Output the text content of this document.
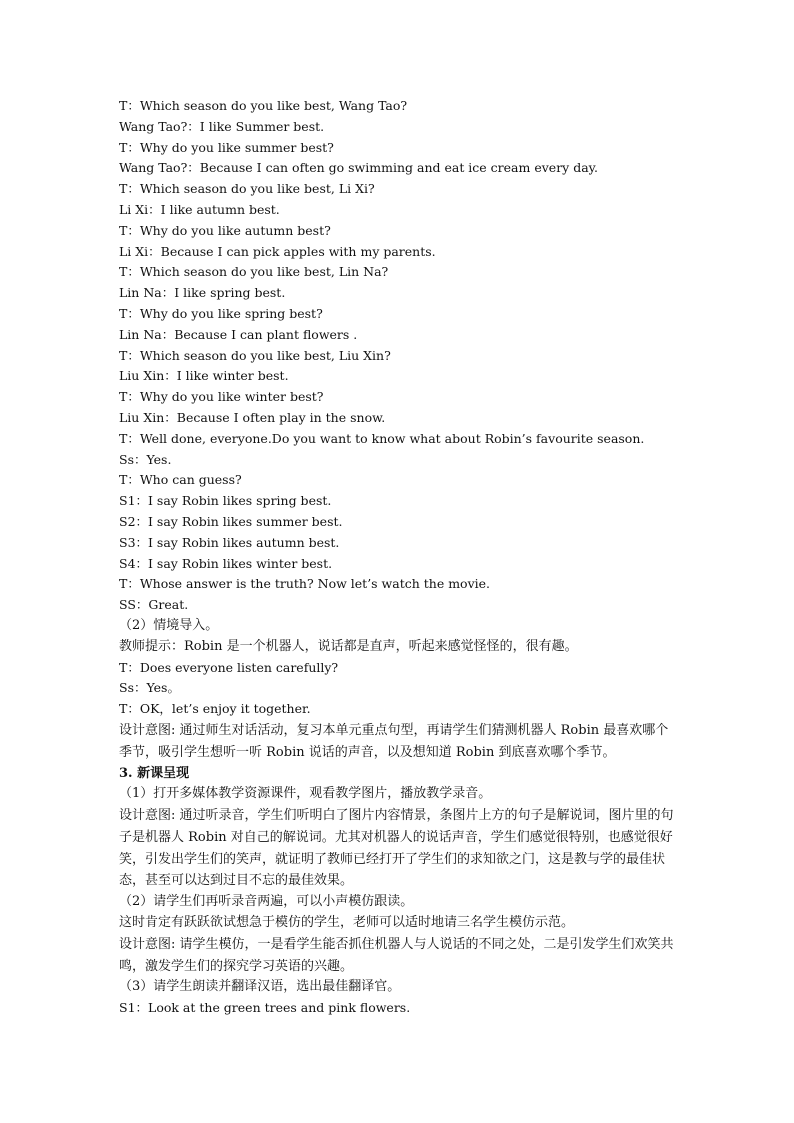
T：Which season do you like best, Wang Tao?
Wang Tao?：I like Summer best.
T：Why do you like summer best?
Wang Tao?：Because I can often go swimming and eat ice cream every day.
T：Which season do you like best, Li Xi?
Li Xi：I like autumn best.
T：Why do you like autumn best?
Li Xi：Because I can pick apples with my parents.
T：Which season do you like best, Lin Na?
Lin Na：I like spring best.
T：Why do you like spring best?
Lin Na：Because I can plant flowers .
T：Which season do you like best, Liu Xin?
Liu Xin：I like winter best.
T：Why do you like winter best?
Liu Xin：Because I often play in the snow.
T：Well done, everyone.Do you want to know what about Robin’s favourite season.
Ss：Yes.
T：Who can guess?
S1：I say Robin likes spring best.
S2：I say Robin likes summer best.
S3：I say Robin likes autumn best.
S4：I say Robin likes winter best.
T：Whose answer is the truth? Now let’s watch the movie.
SS：Great.
（2）情境导入。
教师提示：Robin 是一个机器人，说话都是直声，听起来感觉怪怪的，很有趣。
T：Does everyone listen carefully?
Ss：Yes。
T：OK，let’s enjoy it together.
设计意图: 通过师生对话活动，复习本单元重点句型，再请学生们猜测机器人 Robin 最喜欢哪个季节，吸引学生想听一听 Robin 说话的声音，以及想知道 Robin 到底喜欢哪个季节。
3. 新课呈现
（1）打开多媒体教学资源课件，观看教学图片，播放教学录音。
设计意图: 通过听录音，学生们听明白了图片内容情景，条图片上方的句子是解说词，图片里的句子是机器人 Robin 对自己的解说词。尤其对机器人的说话声音，学生们感觉很特别，也感觉很好笑，引发出学生们的笑声，就证明了教师已经打开了学生们的求知欲之门，这是教与学的最佳状态，甚至可以达到过目不忘的最佳效果。
（2）请学生们再听录音两遍，可以小声模仿跟读。
这时肯定有跃跃欲试想急于模仿的学生，老师可以适时地请三名学生模仿示范。
设计意图: 请学生模仿，一是看学生能否抓住机器人与人说话的不同之处，二是引发学生们欢笑共鸣，激发学生们的探究学习英语的兴趣。
（3）请学生朗读并翻译汉语，选出最佳翻译官。
S1：Look at the green trees and pink flowers.
